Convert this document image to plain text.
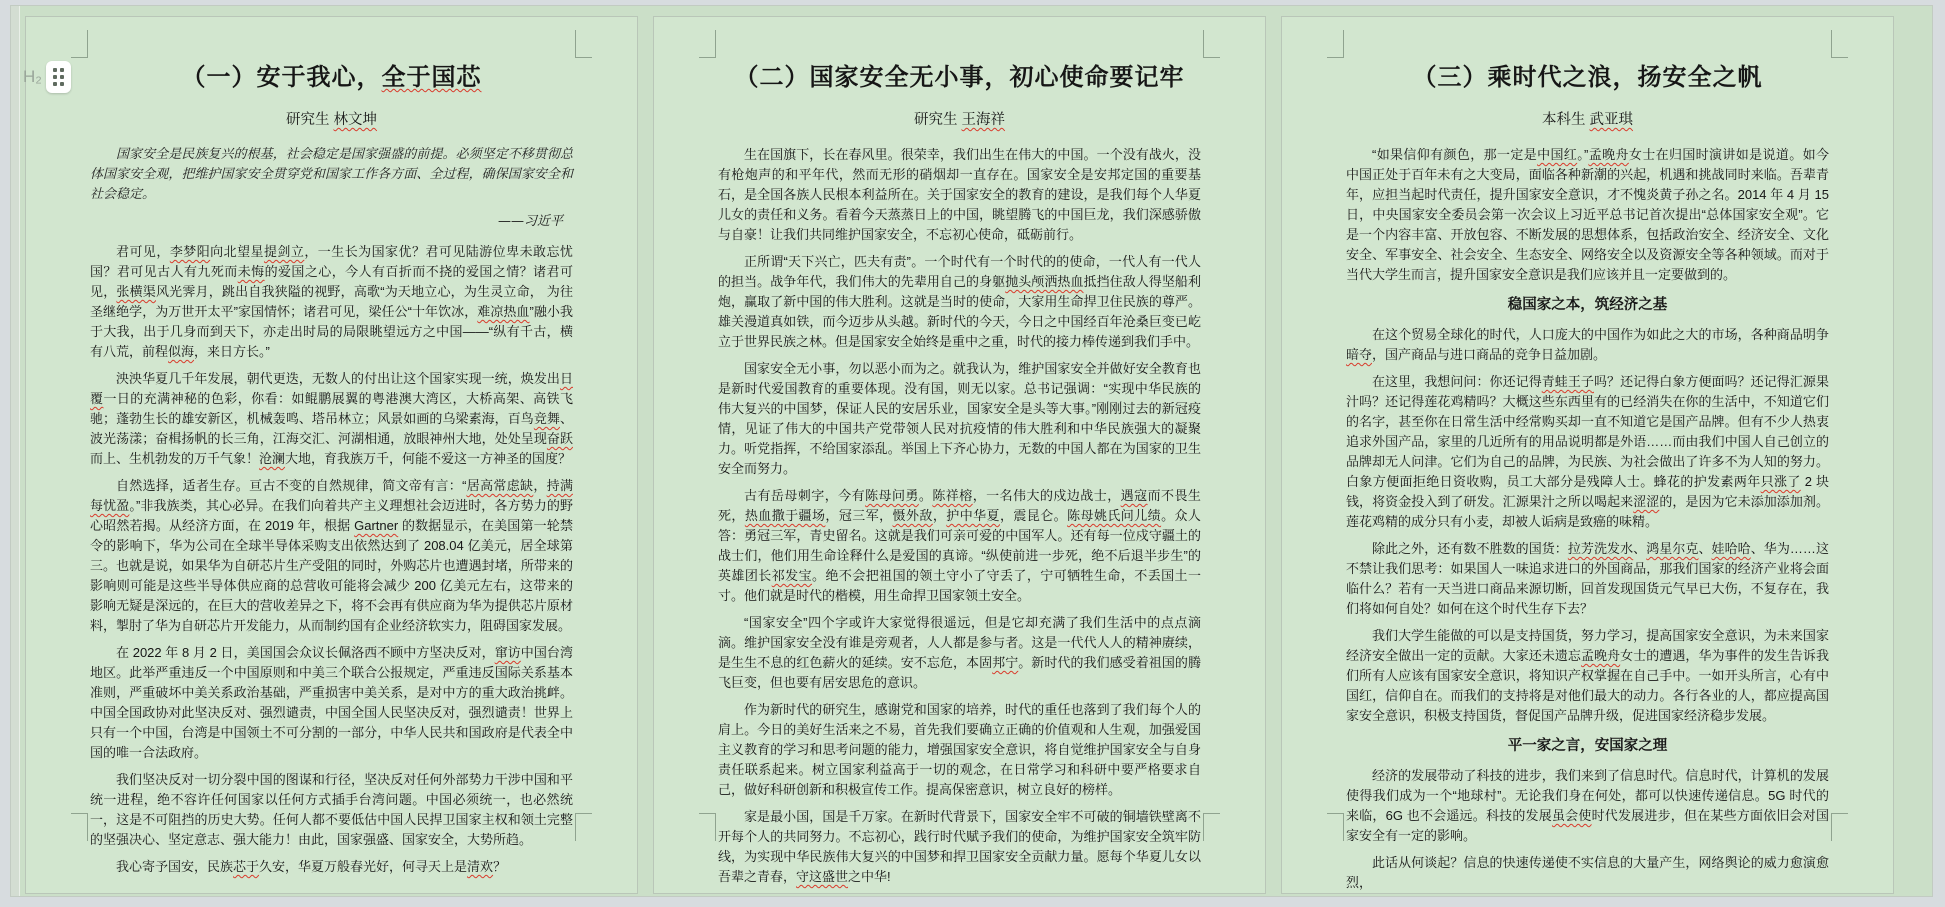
H₂	（一）安于我心，全于国芯
研究生 林文坤

国家安全是民族复兴的根基，社会稳定是国家强盛的前提。必须坚定不移贯彻总体国家安全观，把维护国家安全贯穿党和国家工作各方面、全过程，确保国家安全和社会稳定。

——习近平

君可见，李梦阳向北望星提剑立，一生长为国家优？君可见陆游位卑未敢忘忧国？君可见古人有九死而未悔的爱国之心，今人有百折而不挠的爱国之情？诸君可见，张横渠风光霁月，跳出自我狭隘的视野，高歌“为天地立心，为生灵立命， 为往圣继绝学，为万世开太平”家国情怀；诸君可见，梁任公“十年饮冰，难凉热血”融小我于大我，出于几身而到天下，亦走出时局的局限眺望远方之中国——“纵有千古，横有八荒，前程似海，来日方长。”

泱泱华夏几千年发展，朝代更迭，无数人的付出让这个国家实现一统，焕发出日覆一日的充满神秘的色彩，你看：如鲲鹏展翼的粤港澳大湾区，大桥高架、高铁飞驰；蓬勃生长的雄安新区，机械轰鸣、塔吊林立；风景如画的乌梁素海，百鸟竞舞、波光荡漾；奋楫扬帆的长三角，江海交汇、河湖相通，放眼神州大地，处处呈现奋跃而上、生机勃发的万千气象！沧澜大地，育我族万千，何能不爱这一方神圣的国度？

自然选择，适者生存。亘古不变的自然规律，简文帝有言：“居高常虑缺，持满每忧盈。”非我族类，其心必异。在我们向着共产主义理想社会迈进时，各方势力的野心昭然若揭。从经济方面，在 2019 年，根据 Gartner 的数据显示，在美国第一轮禁令的影响下，华为公司在全球半导体采购支出依然达到了 208.04 亿美元，居全球第三。也就是说，如果华为自研芯片生产受阻的同时，外购芯片也遭遇封堵，所带来的影响则可能是这些半导体供应商的总营收可能将会减少 200 亿美元左右，这带来的影响无疑是深远的，在巨大的营收差异之下，将不会再有供应商为华为提供芯片原材料，掣肘了华为自研芯片开发能力，从而制约国有企业经济软实力，阻碍国家发展。

在 2022 年 8 月 2 日，美国国会众议长佩洛西不顾中方坚决反对，窜访中国台湾地区。此举严重违反一个中国原则和中美三个联合公报规定，严重违反国际关系基本准则，严重破坏中美关系政治基础，严重损害中美关系，是对中方的重大政治挑衅。中国全国政协对此坚决反对、强烈谴责，中国全国人民坚决反对，强烈谴责！世界上只有一个中国，台湾是中国领土不可分割的一部分，中华人民共和国政府是代表全中国的唯一合法政府。

我们坚决反对一切分裂中国的图谋和行径，坚决反对任何外部势力干涉中国和平统一进程，绝不容许任何国家以任何方式插手台湾问题。中国必须统一，也必然统一，这是不可阻挡的历史大势。任何人都不要低估中国人民捍卫国家主权和领土完整的坚强决心、坚定意志、强大能力！由此，国家强盛、国家安全，大势所趋。

我心寄予国安，民族芯于久安，华夏万般春光好，何寻天上是清欢？

（二）国家安全无小事，初心使命要记牢
研究生 王海祥

生在国旗下，长在春风里。很荣幸，我们出生在伟大的中国。一个没有战火，没有枪炮声的和平年代，然而无形的硝烟却一直存在。国家安全是安邦定国的重要基石，是全国各族人民根本利益所在。关于国家安全的教育的建设，是我们每个人华夏儿女的责任和义务。看着今天蒸蒸日上的中国，眺望腾飞的中国巨龙，我们深感骄傲与自豪！让我们共同维护国家安全，不忘初心使命，砥砺前行。

正所谓“天下兴亡，匹夫有责”。一个时代有一个时代的的使命，一代人有一代人的担当。战争年代，我们伟大的先辈用自己的身躯抛头颅洒热血抵挡住敌人得坚船利炮，赢取了新中国的伟大胜利。这就是当时的使命，大家用生命捍卫住民族的尊严。雄关漫道真如铁，而今迈步从头越。新时代的今天，今日之中国经百年沧桑巨变已屹立于世界民族之林。但是国家安全始终是重中之重，时代的接力棒传递到我们手中。

国家安全无小事，勿以恶小而为之。就我认为，维护国家安全并做好安全教育也是新时代爱国教育的重要体现。没有国，则无以家。总书记强调：“实现中华民族的伟大复兴的中国梦，保证人民的安居乐业，国家安全是头等大事。”刚刚过去的新冠疫情，见证了伟大的中国共产党带领人民对抗疫情的伟大胜利和中华民族强大的凝聚力。听党指挥，不给国家添乱。举国上下齐心协力，无数的中国人都在为国家的卫生安全而努力。

古有岳母刺字，今有陈母问勇。陈祥榕，一名伟大的戍边战士，遇寇而不畏生死，热血撒于疆场，冠三军，慑外敌，护中华夏，震昆仑。陈母姚氏问儿绩。众人答：勇冠三军，青史留名。这就是我们可亲可爱的中国军人。还有每一位戍守疆土的战士们，他们用生命诠释什么是爱国的真谛。“纵使前进一步死，绝不后退半步生”的英雄团长祁发宝。绝不会把祖国的领土守小了守丢了，宁可牺牲生命，不丢国土一寸。他们就是时代的楷模，用生命捍卫国家领土安全。

“国家安全”四个字或许大家觉得很遥远，但是它却充满了我们生活中的点点滴滴。维护国家安全没有谁是旁观者，人人都是参与者。这是一代代人人的精神赓续，是生生不息的红色薪火的延续。安不忘危，本固邦宁。新时代的我们感受着祖国的腾飞巨变，但也要有居安思危的意识。

作为新时代的研究生，感谢党和国家的培养，时代的重任也落到了我们每个人的肩上。今日的美好生活来之不易，首先我们要确立正确的价值观和人生观，加强爱国主义教育的学习和思考问题的能力，增强国家安全意识，将自觉维护国家安全与自身责任联系起来。树立国家利益高于一切的观念，在日常学习和科研中要严格要求自己，做好科研创新和积极宣传工作。提高保密意识，树立良好的榜样。

家是最小国，国是千万家。在新时代背景下，国家安全牢不可破的铜墙铁壁离不开每个人的共同努力。不忘初心，践行时代赋予我们的使命，为维护国家安全筑牢防线，为实现中华民族伟大复兴的中国梦和捍卫国家安全贡献力量。愿每个华夏儿女以吾辈之青春，守这盛世之中华!

（三）乘时代之浪，扬安全之帆
本科生 武亚琪

“如果信仰有颜色，那一定是中国红。”孟晚舟女士在归国时演讲如是说道。如今中国正处于百年未有之大变局，面临各种新潮的兴起，机遇和挑战同时来临。吾辈青年，应担当起时代责任，提升国家安全意识，才不愧炎黄子孙之名。2014 年 4 月 15 日，中央国家安全委员会第一次会议上习近平总书记首次提出“总体国家安全观”。它是一个内容丰富、开放包容、不断发展的思想体系，包括政治安全、经济安全、文化安全、军事安全、社会安全、生态安全、网络安全以及资源安全等各种领域。而对于当代大学生而言，提升国家安全意识是我们应该并且一定要做到的。

稳国家之本，筑经济之基

在这个贸易全球化的时代，人口庞大的中国作为如此之大的市场，各种商品明争暗夺，国产商品与进口商品的竞争日益加剧。

在这里，我想问问：你还记得青蛙王子吗？还记得白象方便面吗？还记得汇源果汁吗？还记得莲花鸡精吗？大概这些东西里有的已经消失在你的生活中，不知道它们的名字，甚至你在日常生活中经常购买却一直不知道它是国产品牌。但有不少人热衷追求外国产品，家里的几近所有的用品说明都是外语……而由我们中国人自己创立的品牌却无人问津。它们为自己的品牌，为民族、为社会做出了许多不为人知的努力。白象方便面拒绝日资收购，员工大部分是残障人士。蜂花的护发素两年只涨了 2 块钱，将资金投入到了研发。汇源果汁之所以喝起来涩涩的，是因为它未添加添加剂。莲花鸡精的成分只有小麦，却被人诟病是致癌的味精。

除此之外，还有数不胜数的国货：拉芳洗发水、鸿星尔克、娃哈哈、华为……这不禁让我们思考：如果国人一味追求进口的外国商品，那我们国家的经济产业将会面临什么？若有一天当进口商品来源切断，回首发现国货元气早已大伤，不复存在，我们将如何自处？如何在这个时代生存下去？

我们大学生能做的可以是支持国货，努力学习，提高国家安全意识，为未来国家经济安全做出一定的贡献。大家还未遗忘孟晚舟女士的遭遇，华为事件的发生告诉我们所有人应该有国家安全意识，将知识产权掌握在自己手中。一如开头所言，心有中国红，信仰自在。而我们的支持将是对他们最大的动力。各行各业的人，都应提高国家安全意识，积极支持国货，督促国产品牌升级，促进国家经济稳步发展。

平一家之言，安国家之理

经济的发展带动了科技的进步，我们来到了信息时代。信息时代，计算机的发展使得我们成为一个“地球村”。无论我们身在何处，都可以快速传递信息。5G 时代的来临，6G 也不会遥远。科技的发展虽会使时代发展进步，但在某些方面依旧会对国家安全有一定的影响。

此话从何谈起？信息的快速传递使不实信息的大量产生，网络舆论的威力愈演愈烈，
